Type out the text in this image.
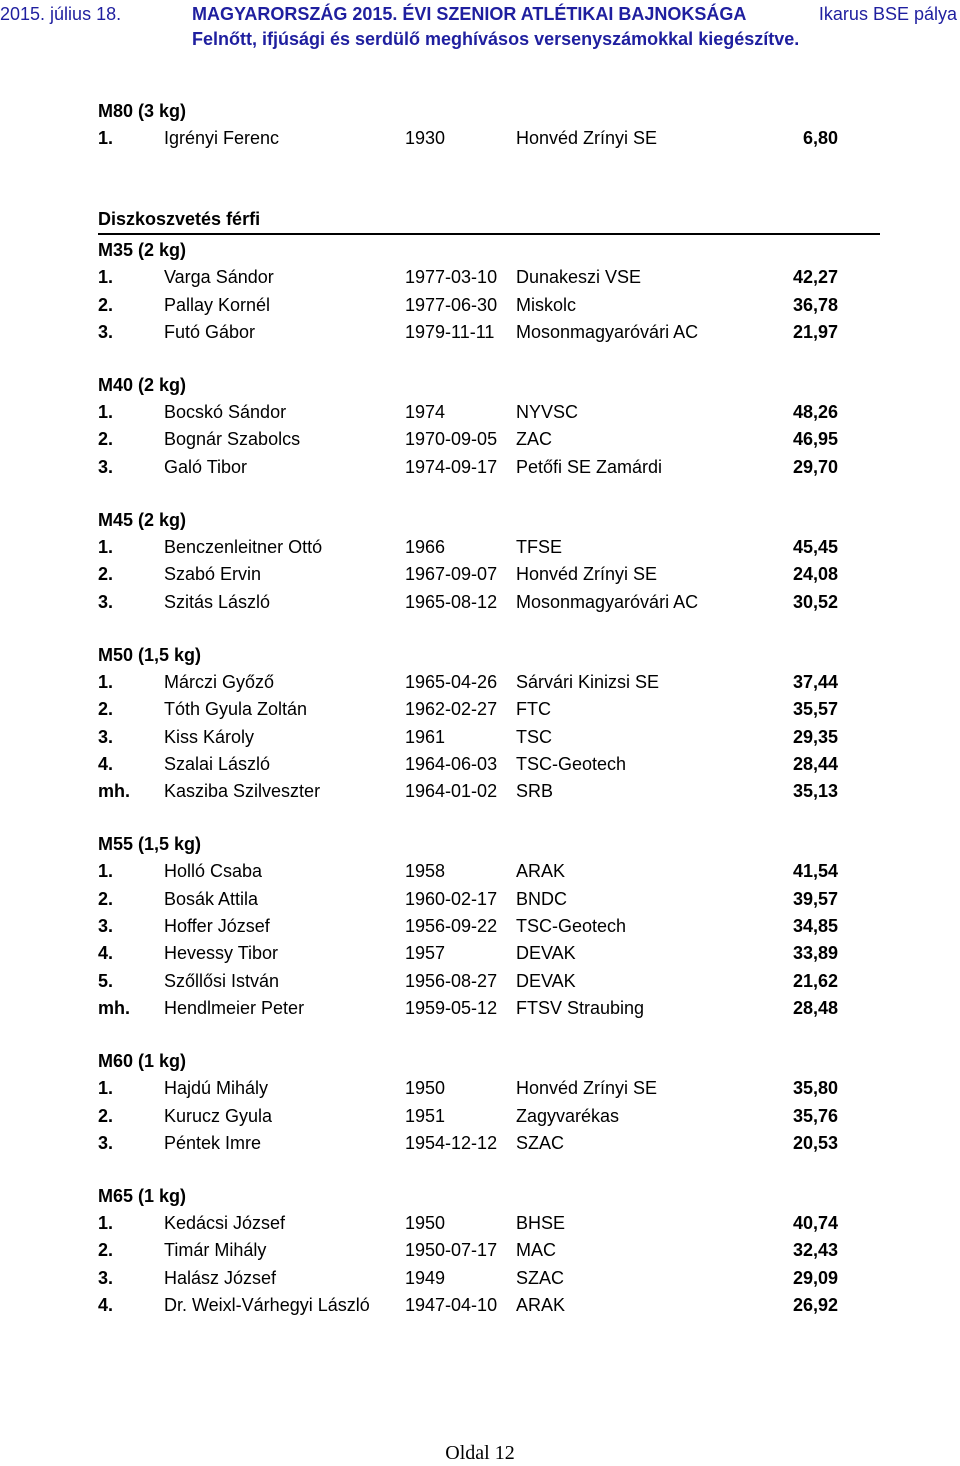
2015. július 18.	MAGYARORSZÁG 2015. ÉVI SZENIOR ATLÉTIKAI BAJNOKSÁGA	Ikarus BSE pálya
Felnőtt, ifjúsági és serdülő meghívásos versenyszámokkal kiegészítve.
M80 (3 kg)
1.	Igrényi Ferenc	1930	Honvéd Zrínyi SE	6,80
Diszkoszvetés férfi
M35 (2 kg)
1.	Varga Sándor	1977-03-10 Dunakeszi VSE	42,27
2.	Pallay Kornél	1977-06-30 Miskolc	36,78
3.	Futó Gábor	1979-11-11 Mosonmagyaróvári AC	21,97
M40 (2 kg)
1.	Bocskó Sándor	1974	NYVSC	48,26
2.	Bognár Szabolcs	1970-09-05 ZAC	46,95
3.	Galó Tibor	1974-09-17 Petőfi SE Zamárdi	29,70
M45 (2 kg)
1.	Benczenleitner Ottó	1966	TFSE	45,45
2.	Szabó Ervin	1967-09-07 Honvéd Zrínyi SE	24,08
3.	Szitás László	1965-08-12 Mosonmagyaróvári AC	30,52
M50 (1,5 kg)
1.	Márczi Győző	1965-04-26 Sárvári Kinizsi SE	37,44
2.	Tóth Gyula Zoltán	1962-02-27 FTC	35,57
3.	Kiss Károly	1961	TSC	29,35
4.	Szalai László	1964-06-03 TSC-Geotech	28,44
mh. Kasziba Szilveszter	1964-01-02 SRB	35,13
M55 (1,5 kg)
1.	Holló Csaba	1958	ARAK	41,54
2.	Bosák Attila	1960-02-17 BNDC	39,57
3.	Hoffer József	1956-09-22 TSC-Geotech	34,85
4.	Hevessy Tibor	1957	DEVAK	33,89
5.	Szőllősi István	1956-08-27 DEVAK	21,62
mh. Hendlmeier Peter	1959-05-12 FTSV Straubing	28,48
M60 (1 kg)
1.	Hajdú Mihály	1950	Honvéd Zrínyi SE	35,80
2.	Kurucz Gyula	1951	Zagyvarékas	35,76
3.	Péntek Imre	1954-12-12 SZAC	20,53
M65 (1 kg)
1.	Kedácsi József	1950	BHSE	40,74
2.	Timár Mihály	1950-07-17 MAC	32,43
3.	Halász József	1949	SZAC	29,09
4.	Dr. Weixl-Várhegyi László 1947-04-10 ARAK	26,92
Oldal 12
